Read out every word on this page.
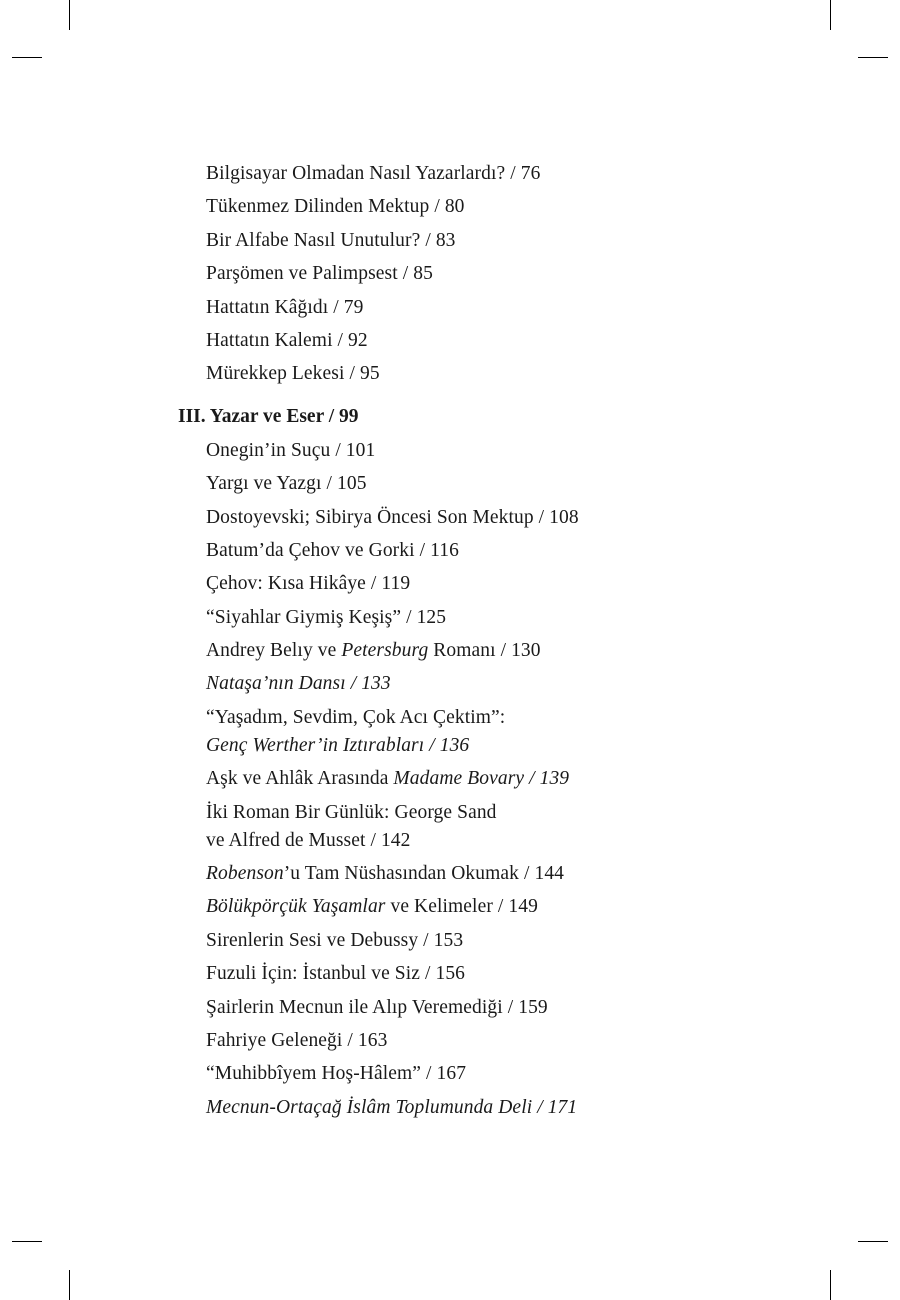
Bilgisayar Olmadan Nasıl Yazarlardı? / 76
Tükenmez Dilinden Mektup / 80
Bir Alfabe Nasıl Unutulur? / 83
Parşömen ve Palimpsest / 85
Hattatın Kâğıdı / 79
Hattatın Kalemi / 92
Mürekkep Lekesi / 95
III. Yazar ve Eser / 99
Onegin’in Suçu / 101
Yargı ve Yazgı / 105
Dostoyevski; Sibirya Öncesi Son Mektup / 108
Batum’da Çehov ve Gorki / 116
Çehov: Kısa Hikâye / 119
“Siyahlar Giymiş Keşiş” / 125
Andrey Belıy ve Petersburg Romanı / 130
Nataşa’nın Dansı / 133
“Yaşadım, Sevdim, Çok Acı Çektim”:
Genç Werther’in Iztırabları / 136
Aşk ve Ahlâk Arasında Madame Bovary / 139
İki Roman Bir Günlük: George Sand
ve Alfred de Musset / 142
Robenson’u Tam Nüshasından Okumak / 144
Bölükpörçük Yaşamlar ve Kelimeler / 149
Sirenlerin Sesi ve Debussy / 153
Fuzuli İçin: İstanbul ve Siz / 156
Şairlerin Mecnun ile Alıp Veremediği / 159
Fahriye Geleneği / 163
“Muhibbîyem Hoş-Hâlem” / 167
Mecnun-Ortaçağ İslâm Toplumunda Deli / 171
